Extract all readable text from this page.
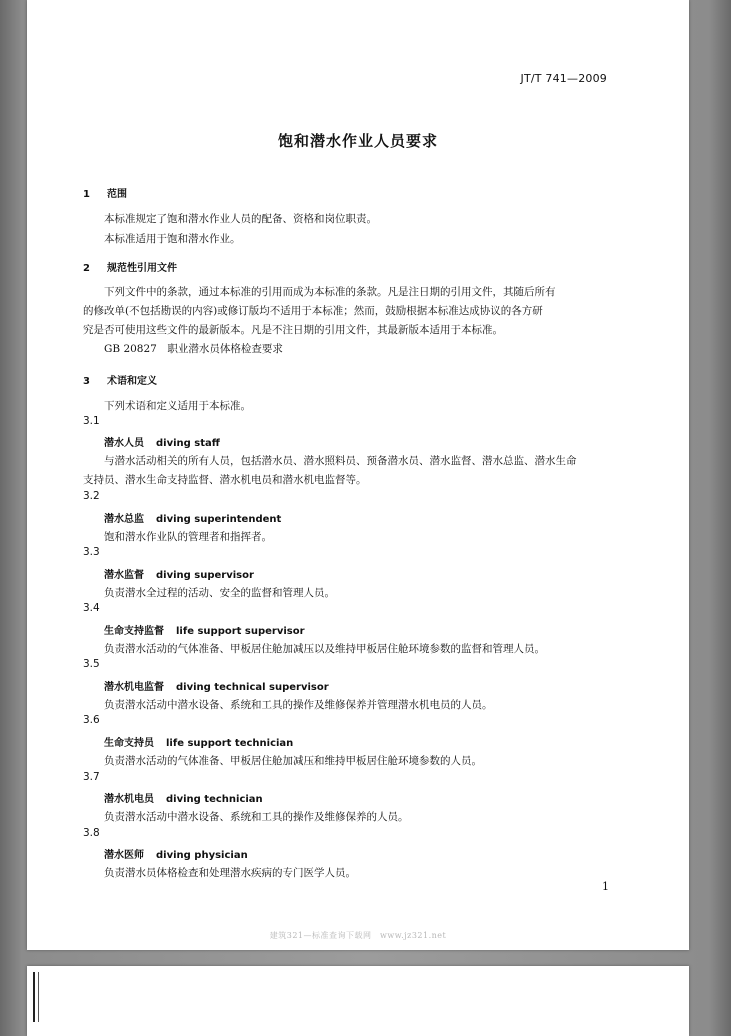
JT/T 741—2009
饱和潜水作业人员要求
1 范围
本标准规定了饱和潜水作业人员的配备、资格和岗位职责。
本标准适用于饱和潜水作业。
2 规范性引用文件
下列文件中的条款，通过本标准的引用而成为本标准的条款。凡是注日期的引用文件，其随后所有
的修改单(不包括勘误的内容)或修订版均不适用于本标准；然而，鼓励根据本标准达成协议的各方研
究是否可使用这些文件的最新版本。凡是不注日期的引用文件，其最新版本适用于本标准。
GB 20827　职业潜水员体格检查要求
3 术语和定义
下列术语和定义适用于本标准。
3.1
潜水人员 diving staff
与潜水活动相关的所有人员，包括潜水员、潜水照料员、预备潜水员、潜水监督、潜水总监、潜水生命
支持员、潜水生命支持监督、潜水机电员和潜水机电监督等。
3.2
潜水总监 diving superintendent
饱和潜水作业队的管理者和指挥者。
3.3
潜水监督 diving supervisor
负责潜水全过程的活动、安全的监督和管理人员。
3.4
生命支持监督 life support supervisor
负责潜水活动的气体准备、甲板居住舱加减压以及维持甲板居住舱环境参数的监督和管理人员。
3.5
潜水机电监督 diving technical supervisor
负责潜水活动中潜水设备、系统和工具的操作及维修保养并管理潜水机电员的人员。
3.6
生命支持员 life support technician
负责潜水活动的气体准备、甲板居住舱加减压和维持甲板居住舱环境参数的人员。
3.7
潜水机电员 diving technician
负责潜水活动中潜水设备、系统和工具的操作及维修保养的人员。
3.8
潜水医师 diving physician
负责潜水员体格检查和处理潜水疾病的专门医学人员。
1
建筑321—标准查询下载网　www.jz321.net
